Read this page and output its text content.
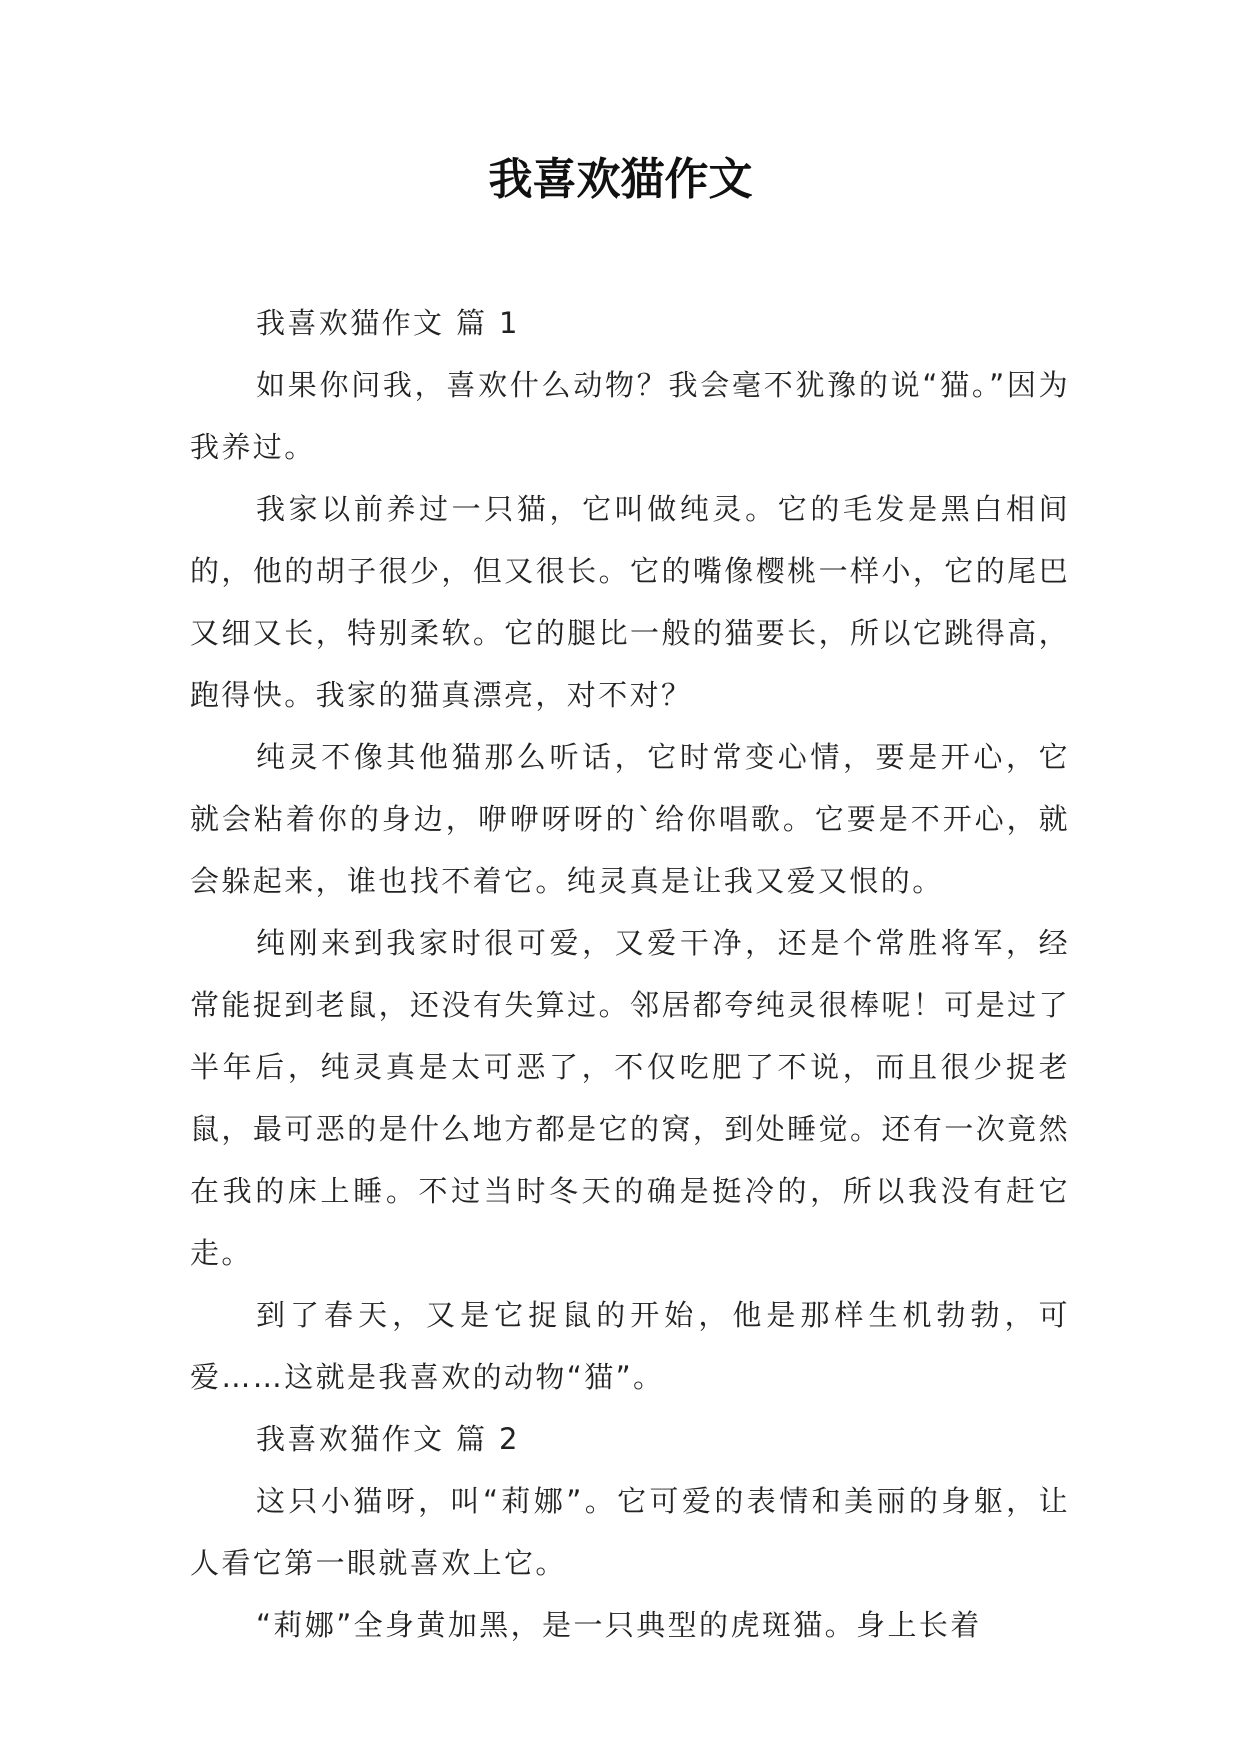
我喜欢猫作文

我喜欢猫作文 篇 1

如果你问我，喜欢什么动物？我会毫不犹豫的说“猫。”因为我养过。

我家以前养过一只猫，它叫做纯灵。它的毛发是黑白相间的，他的胡子很少，但又很长。它的嘴像樱桃一样小，它的尾巴又细又长，特别柔软。它的腿比一般的猫要长，所以它跳得高，跑得快。我家的猫真漂亮，对不对？

纯灵不像其他猫那么听话，它时常变心情，要是开心，它就会粘着你的身边，咿咿呀呀的`给你唱歌。它要是不开心，就会躲起来，谁也找不着它。纯灵真是让我又爱又恨的。

纯刚来到我家时很可爱，又爱干净，还是个常胜将军，经常能捉到老鼠，还没有失算过。邻居都夸纯灵很棒呢！可是过了半年后，纯灵真是太可恶了，不仅吃肥了不说，而且很少捉老鼠，最可恶的是什么地方都是它的窝，到处睡觉。还有一次竟然在我的床上睡。不过当时冬天的确是挺冷的，所以我没有赶它走。

到了春天，又是它捉鼠的开始，他是那样生机勃勃，可爱……这就是我喜欢的动物“猫”。

我喜欢猫作文 篇 2

这只小猫呀，叫“莉娜”。它可爱的表情和美丽的身躯，让人看它第一眼就喜欢上它。

“莉娜”全身黄加黑，是一只典型的虎斑猫。身上长着
